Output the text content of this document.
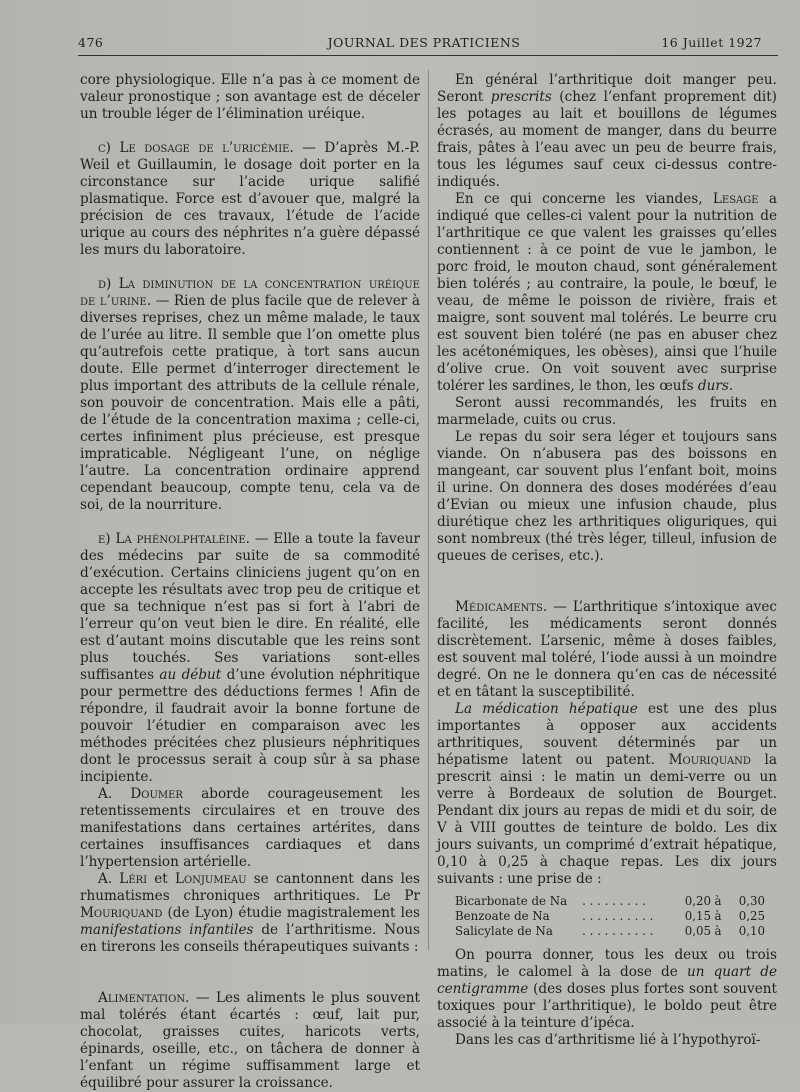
JOURNAL DES PRATICIENS
476	16 Juillet 1927

core physiologique. Elle n’a pas à ce moment de valeur pronostique ; son avantage est de déceler un trouble léger de l’élimination uréique.

c) Le dosage de l’uricémie. — D’après M.-P. Weil et Guillaumin, le dosage doit porter en la circonstance sur l’acide urique salifié plasmatique. Force est d’avouer que, malgré la précision de ces travaux, l’étude de l’acide urique au cours des néphrites n’a guère dépassé les murs du laboratoire.

d) La diminution de la concentration uréique de l’urine. — Rien de plus facile que de relever à diverses reprises, chez un même malade, le taux de l’urée au litre. Il semble que l’on omette plus qu’autrefois cette pratique, à tort sans aucun doute. Elle permet d’interroger directement le plus important des attributs de la cellule rénale, son pouvoir de concentration. Mais elle a pâti, de l’étude de la concentration maxima ; celle-ci, certes infiniment plus précieuse, est presque impraticable. Négligeant l’une, on néglige l’autre. La concentration ordinaire apprend cependant beaucoup, compte tenu, cela va de soi, de la nourriture.

e) La phénolphtaléine. — Elle a toute la faveur des médecins par suite de sa commodité d’exécution. Certains cliniciens jugent qu’on en accepte les résultats avec trop peu de critique et que sa technique n’est pas si fort à l’abri de l’erreur qu’on veut bien le dire. En réalité, elle est d’autant moins discutable que les reins sont plus touchés. Ses variations sont-elles suffisantes au début d’une évolution néphritique pour permettre des déductions fermes ! Afin de répondre, il faudrait avoir la bonne fortune de pouvoir l’étudier en comparaison avec les méthodes précitées chez plusieurs néphritiques dont le processus serait à coup sûr à sa phase incipiente.

A. Doumer aborde courageusement les retentissements circulaires et en trouve des manifestations dans certaines artérites, dans certaines insuffisances cardiaques et dans l’hypertension artérielle.

A. Léri et Lonjumeau se cantonnent dans les rhumatismes chroniques arthritiques. Le Pr Mouriquand (de Lyon) étudie magistralement les manifestations infantiles de l’arthritisme. Nous en tirerons les conseils thérapeutiques suivants :

Alimentation. — Les aliments le plus souvent mal tolérés étant écartés : œuf, lait pur, chocolat, graisses cuites, haricots verts, épinards, oseille, etc., on tâchera de donner à l’enfant un régime suffisamment large et équilibré pour assurer la croissance.

En général l’arthritique doit manger peu. Seront prescrits (chez l’enfant proprement dit) les potages au lait et bouillons de légumes écrasés, au moment de manger, dans du beurre frais, pâtes à l’eau avec un peu de beurre frais, tous les légumes sauf ceux ci-dessus contre-indiqués.

En ce qui concerne les viandes, Lesage a indiqué que celles-ci valent pour la nutrition de l’arthritique ce que valent les graisses qu’elles contiennent : à ce point de vue le jambon, le porc froid, le mouton chaud, sont généralement bien tolérés ; au contraire, la poule, le bœuf, le veau, de même le poisson de rivière, frais et maigre, sont souvent mal tolérés. Le beurre cru est souvent bien toléré (ne pas en abuser chez les acétonémiques, les obèses), ainsi que l’huile d’olive crue. On voit souvent avec surprise tolérer les sardines, le thon, les œufs durs.

Seront aussi recommandés, les fruits en marmelade, cuits ou crus.

Le repas du soir sera léger et toujours sans viande. On n’abusera pas des boissons en mangeant, car souvent plus l’enfant boit, moins il urine. On donnera des doses modérées d’eau d’Evian ou mieux une infusion chaude, plus diurétique chez les arthritiques oliguriques, qui sont nombreux (thé très léger, tilleul, infusion de queues de cerises, etc.).

Médicaments. — L’arthritique s’intoxique avec facilité, les médicaments seront donnés discrètement. L’arsenic, même à doses faibles, est souvent mal toléré, l’iode aussi à un moindre degré. On ne le donnera qu’en cas de nécessité et en tâtant la susceptibilité.

La médication hépatique est une des plus importantes à opposer aux accidents arthritiques, souvent déterminés par un hépatisme latent ou patent. Mouriquand la prescrit ainsi : le matin un demi-verre ou un verre à Bordeaux de solution de Bourget. Pendant dix jours au repas de midi et du soir, de V à VIII gouttes de teinture de boldo. Les dix jours suivants, un comprimé d’extrait hépatique, 0,10 à 0,25 à chaque repas. Les dix jours suivants : une prise de :

Bicarbonate de Na	. . . . . . . . .	0,20	à	0,30
Benzoate de Na	. . . . . . . . . .	0,15	à	0,25
Salicylate de Na	. . . . . . . . . .	0,05	à	0,10

On pourra donner, tous les deux ou trois matins, le calomel à la dose de un quart de centigramme (des doses plus fortes sont souvent toxiques pour l’arthritique), le boldo peut être associé à la teinture d’ipéca.

Dans les cas d’arthritisme lié à l’hypothyroï-
